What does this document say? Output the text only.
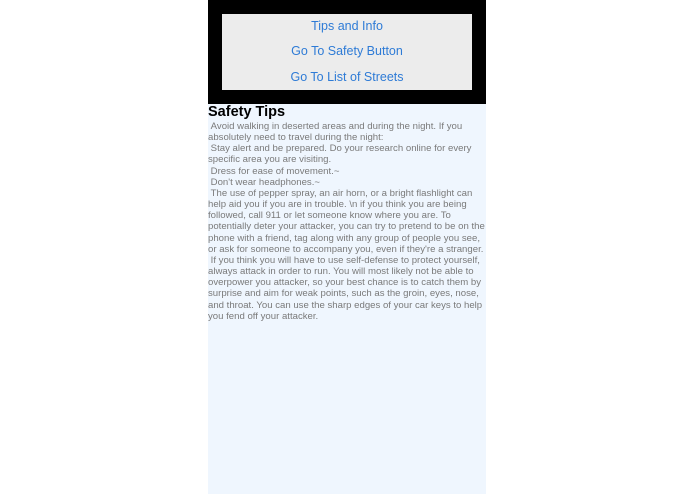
Tips and Info
Go To Safety Button
Go To List of Streets
Safety Tips

Avoid walking in deserted areas and during the night. If you absolutely need to travel during the night:
Stay alert and be prepared. Do your research online for every specific area you are visiting.
Dress for ease of movement.~
Don't wear headphones.~
The use of pepper spray, an air horn, or a bright flashlight can help aid you if you are in trouble. \n if you think you are being followed, call 911 or let someone know where you are. To potentially deter your attacker, you can try to pretend to be on the phone with a friend, tag along with any group of people you see, or ask for someone to accompany you, even if they're a stranger.
If you think you will have to use self-defense to protect yourself, always attack in order to run. You will most likely not be able to overpower you attacker, so your best chance is to catch them by surprise and aim for weak points, such as the groin, eyes, nose, and throat. You can use the sharp edges of your car keys to help you fend off your attacker.
